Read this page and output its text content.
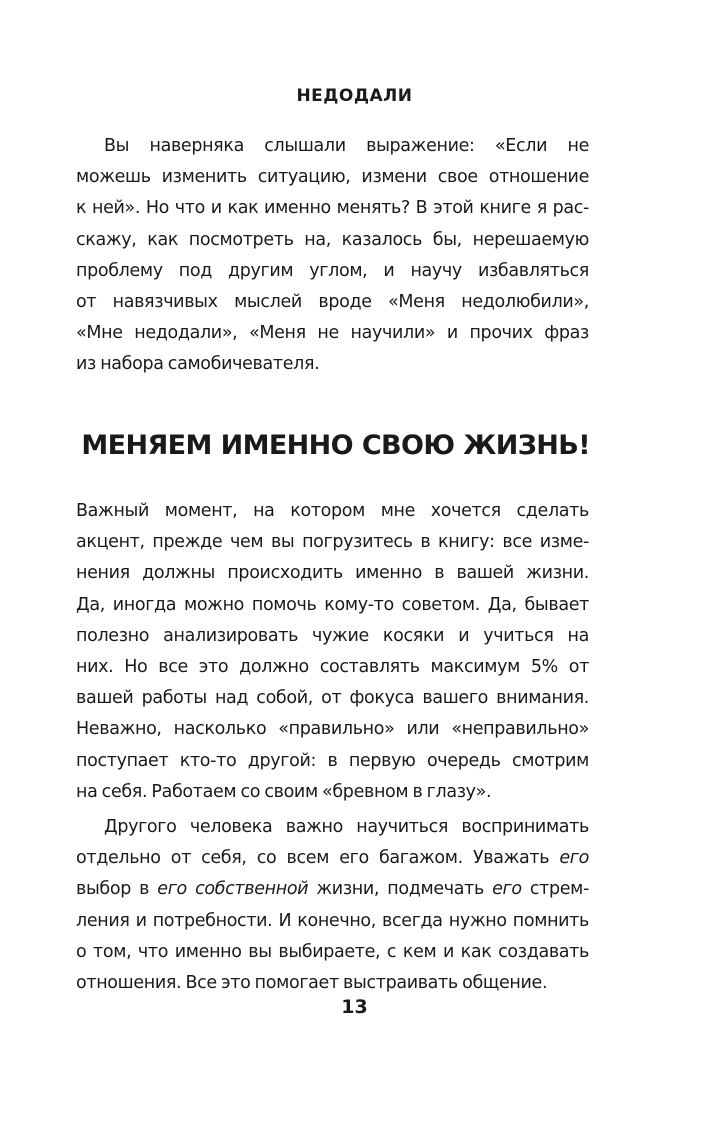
НЕДОДАЛИ
Вы наверняка слышали выражение: «Если не
можешь изменить ситуацию, измени свое отношение
к ней». Но что и как именно менять? В этой книге я рас-
скажу, как посмотреть на, казалось бы, нерешаемую
проблему под другим углом, и научу избавляться
от навязчивых мыслей вроде «Меня недолюбили»,
«Мне недодали», «Меня не научили» и прочих фраз
из набора самобичевателя.
МЕНЯЕМ ИМЕННО СВОЮ ЖИЗНЬ!
Важный момент, на котором мне хочется сделать
акцент, прежде чем вы погрузитесь в книгу: все изме-
нения должны происходить именно в вашей жизни.
Да, иногда можно помочь кому-то советом. Да, бывает
полезно анализировать чужие косяки и учиться на
них. Но все это должно составлять максимум 5% от
вашей работы над собой, от фокуса вашего внимания.
Неважно, насколько «правильно» или «неправильно»
поступает кто-то другой: в первую очередь смотрим
на себя. Работаем со своим «бревном в глазу».
Другого человека важно научиться воспринимать
отдельно от себя, со всем его багажом. Уважать его
выбор в его собственной жизни, подмечать его стрем-
ления и потребности. И конечно, всегда нужно помнить
о том, что именно вы выбираете, с кем и как создавать
отношения. Все это помогает выстраивать общение.
13
